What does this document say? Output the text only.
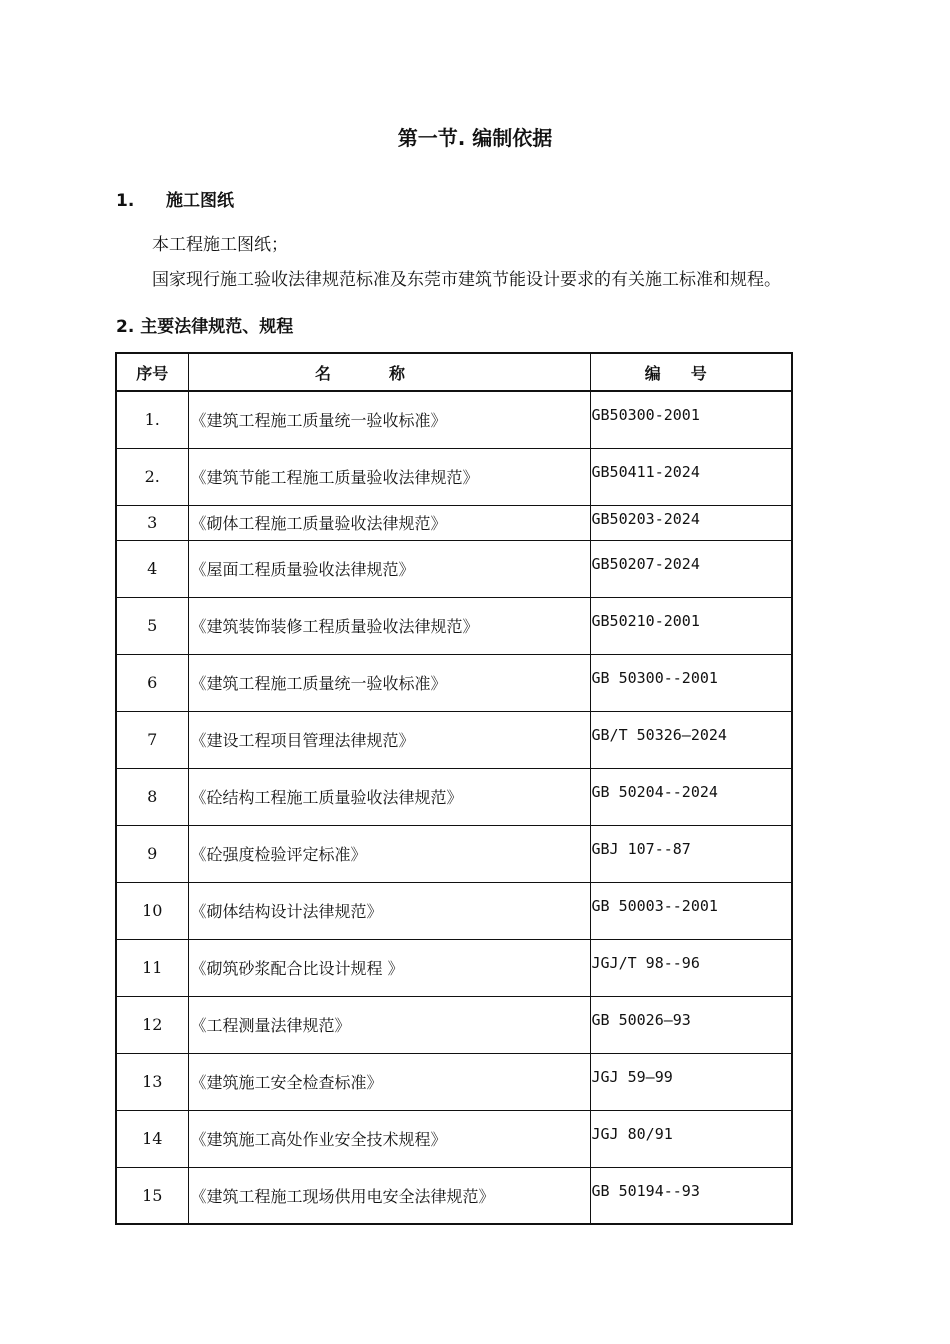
第一节. 编制依据
1. 施工图纸
本工程施工图纸；
国家现行施工验收法律规范标准及东莞市建筑节能设计要求的有关施工标准和规程。
2. 主要法律规范、规程
序号	名称	编号
1.	《建筑工程施工质量统一验收标准》	GB50300-2001
2.	《建筑节能工程施工质量验收法律规范》	GB50411-2024
3	《砌体工程施工质量验收法律规范》	GB50203-2024
4	《屋面工程质量验收法律规范》	GB50207-2024
5	《建筑装饰装修工程质量验收法律规范》	GB50210-2001
6	《建筑工程施工质量统一验收标准》	GB 50300--2001
7	《建设工程项目管理法律规范》	GB/T 50326—2024
8	《砼结构工程施工质量验收法律规范》	GB 50204--2024
9	《砼强度检验评定标准》	GBJ 107--87
10	《砌体结构设计法律规范》	GB 50003--2001
11	《砌筑砂浆配合比设计规程 》	JGJ/T 98--96
12	《工程测量法律规范》	GB 50026—93
13	《建筑施工安全检查标准》	JGJ 59—99
14	《建筑施工高处作业安全技术规程》	JGJ 80/91
15	《建筑工程施工现场供用电安全法律规范》	GB 50194--93
